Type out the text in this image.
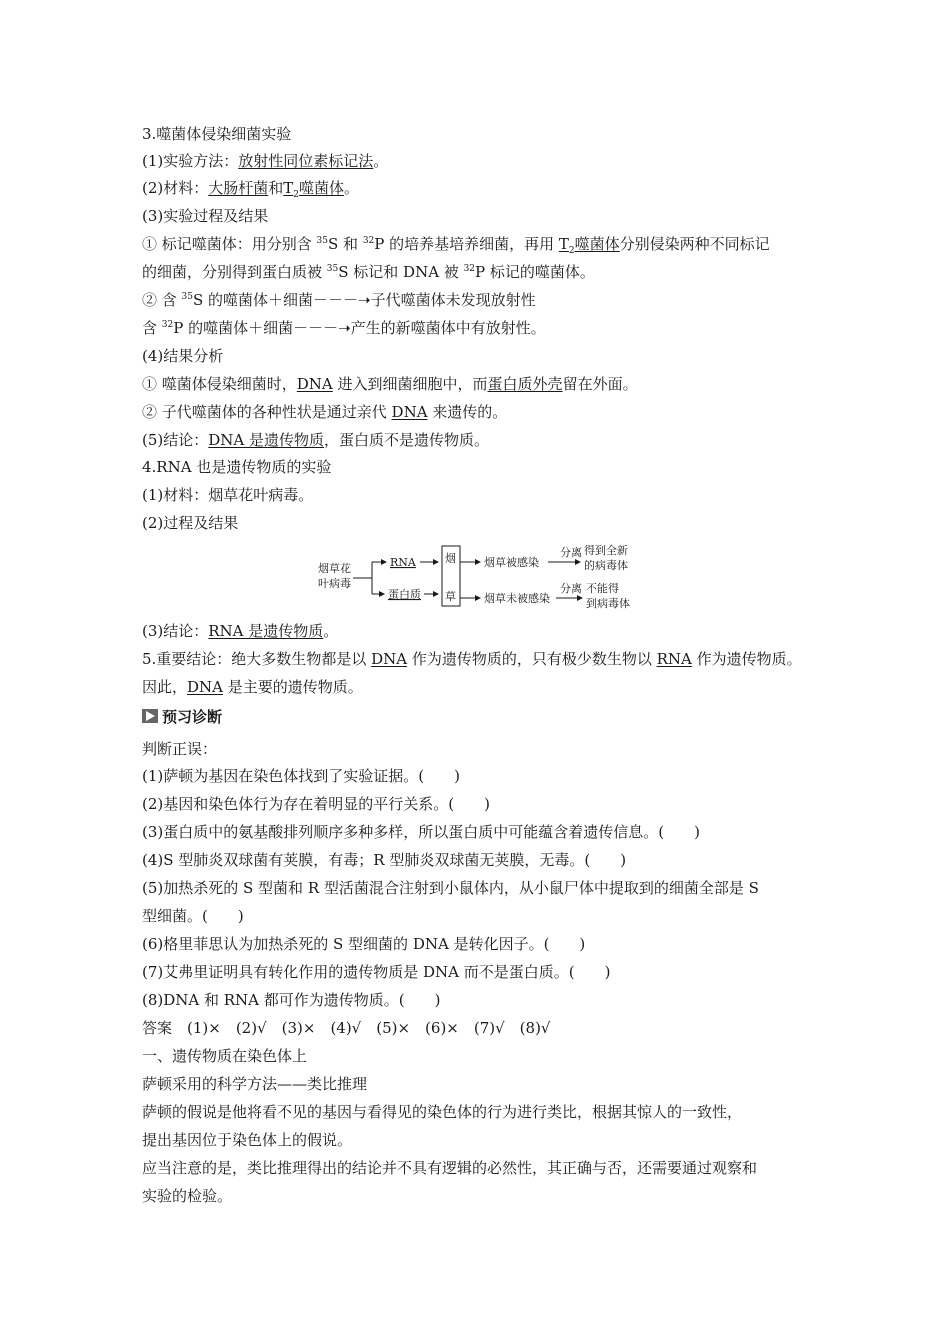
3.噬菌体侵染细菌实验
(1)实验方法：放射性同位素标记法。
(2)材料：大肠杆菌和$T_2$噬菌体。
(3)实验过程及结果
① 标记噬菌体：用分别含 $^{35}$S 和 $^{32}$P 的培养基培养细菌，再用 $T_2$噬菌体分别侵染两种不同标记
的细菌，分别得到蛋白质被 $^{35}$S 标记和 DNA 被 $^{32}$P 标记的噬菌体。
② 含 $^{35}$S 的噬菌体＋细菌－－－➝子代噬菌体未发现放射性
含 $^{32}$P 的噬菌体＋细菌－－－➝产生的新噬菌体中有放射性。
(4)结果分析
① 噬菌体侵染细菌时，DNA 进入到细菌细胞中，而蛋白质外壳留在外面。
② 子代噬菌体的各种性状是通过亲代 DNA 来遗传的。
(5)结论：DNA 是遗传物质，蛋白质不是遗传物质。
4.RNA 也是遗传物质的实验
(1)材料：烟草花叶病毒。
(2)过程及结果
烟草花
叶病毒
RNA
蛋白质
烟
草
烟草被感染
烟草未被感染
分离
分离
得到全新
的病毒体
不能得
到病毒体
(3)结论：RNA 是遗传物质。
5.重要结论：绝大多数生物都是以 DNA 作为遗传物质的，只有极少数生物以 RNA 作为遗传物质。
因此，DNA 是主要的遗传物质。
预习诊断
判断正误：
(1)萨顿为基因在染色体找到了实验证据。(　　)
(2)基因和染色体行为存在着明显的平行关系。(　　)
(3)蛋白质中的氨基酸排列顺序多种多样，所以蛋白质中可能蕴含着遗传信息。(　　)
(4)S 型肺炎双球菌有荚膜，有毒；R 型肺炎双球菌无荚膜，无毒。(　　)
(5)加热杀死的 S 型菌和 R 型活菌混合注射到小鼠体内，从小鼠尸体中提取到的细菌全部是 S
型细菌。(　　)
(6)格里菲思认为加热杀死的 S 型细菌的 DNA 是转化因子。(　　)
(7)艾弗里证明具有转化作用的遗传物质是 DNA 而不是蛋白质。(　　)
(8)DNA 和 RNA 都可作为遗传物质。(　　)
答案　(1)×　(2)√　(3)×　(4)√　(5)×　(6)×　(7)√　(8)√
一、遗传物质在染色体上
萨顿采用的科学方法——类比推理
萨顿的假说是他将看不见的基因与看得见的染色体的行为进行类比，根据其惊人的一致性，
提出基因位于染色体上的假说。
应当注意的是，类比推理得出的结论并不具有逻辑的必然性，其正确与否，还需要通过观察和
实验的检验。
